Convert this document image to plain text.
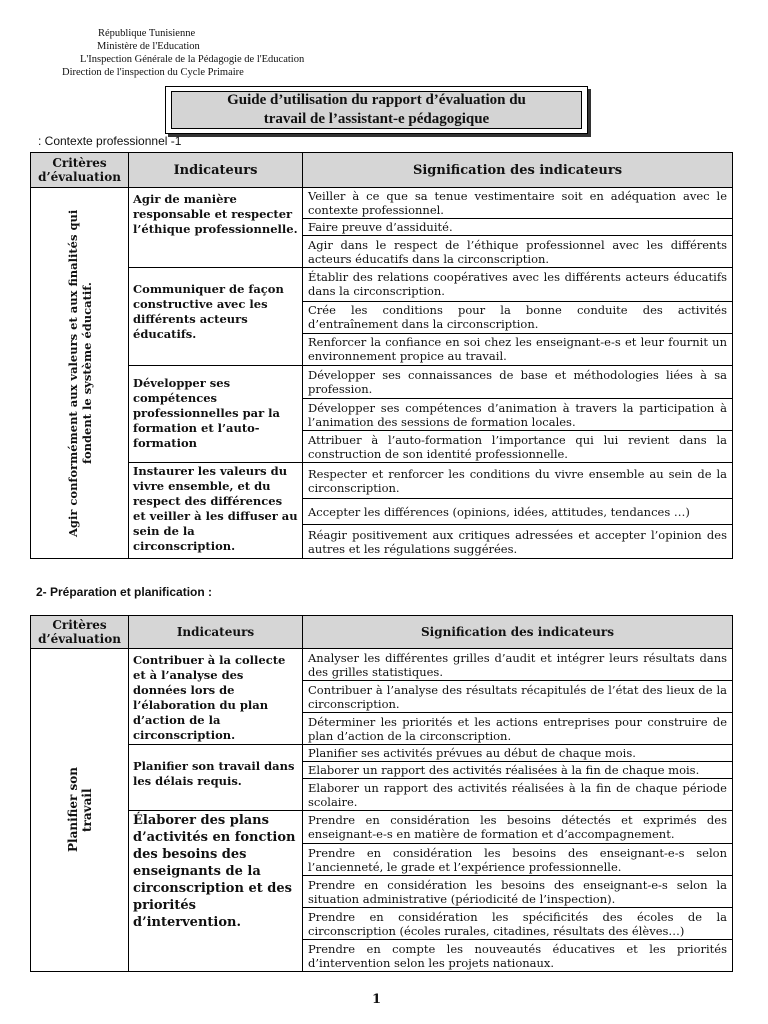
République Tunisienne
Ministère de l'Education
L'Inspection Générale de la Pédagogie de l'Education
Direction de l'inspection du Cycle Primaire
Guide d’utilisation du rapport d’évaluation du
travail de l’assistant-e pédagogique
: Contexte professionnel -1
Critères d’évaluation	Indicateurs	Signification des indicateurs

Agir conformément aux valeurs et aux finalités qui fondent le système éducatif.	Agir de manière responsable et respecter l’éthique professionnelle.	Veiller à ce que sa tenue vestimentaire soit en adéquation avec le contexte professionnel.
		Faire preuve d’assiduité.
		Agir dans le respect de l’éthique professionnel avec les différents acteurs éducatifs dans la circonscription.
	Communiquer de façon constructive avec les différents acteurs éducatifs.	Établir des relations coopératives avec les différents acteurs éducatifs dans la circonscription.
		Crée les conditions pour la bonne conduite des activités d’entraînement dans la circonscription.
		Renforcer la confiance en soi chez les enseignant-e-s et leur fournit un environnement propice au travail.
	Développer ses compétences professionnelles par la formation et l’auto-formation	Développer ses connaissances de base et méthodologies liées à sa profession.
		Développer ses compétences d’animation à travers la participation à l’animation des sessions de formation locales.
		Attribuer à l’auto-formation l’importance qui lui revient dans la construction de son identité professionnelle.
	Instaurer les valeurs du vivre ensemble, et du respect des différences et veiller à les diffuser au sein de la circonscription.	Respecter et renforcer les conditions du vivre ensemble au sein de la circonscription.
		Accepter les différences (opinions, idées, attitudes, tendances …)
		Réagir positivement aux critiques adressées et accepter l’opinion des autres et les régulations suggérées.
2- Préparation et planification :
Critères d’évaluation	Indicateurs	Signification des indicateurs

Planifier son travail	Contribuer à la collecte et à l’analyse des données lors de l’élaboration du plan d’action de la circonscription.	Analyser les différentes grilles d’audit et intégrer leurs résultats dans des grilles statistiques.
		Contribuer à l’analyse des résultats récapitulés de l’état des lieux de la circonscription.
		Déterminer les priorités et les actions entreprises pour construire de plan d’action de la circonscription.
	Planifier son travail dans les délais requis.	Planifier ses activités prévues au début de chaque mois.
		Elaborer un rapport des activités réalisées à la fin de chaque mois.
		Elaborer un rapport des activités réalisées à la fin de chaque période scolaire.
	Élaborer des plans d’activités en fonction des besoins des enseignants de la circonscription et des priorités d’intervention.	Prendre en considération les besoins détectés et exprimés des enseignant-e-s en matière de formation et d’accompagnement.
		Prendre en considération les besoins des enseignant-e-s selon l’ancienneté, le grade et l’expérience professionnelle.
		Prendre en considération les besoins des enseignant-e-s selon la situation administrative (périodicité de l’inspection).
		Prendre en considération les spécificités des écoles de la circonscription (écoles rurales, citadines, résultats des élèves…)
		Prendre en compte les nouveautés éducatives et les priorités d’intervention selon les projets nationaux.
1
